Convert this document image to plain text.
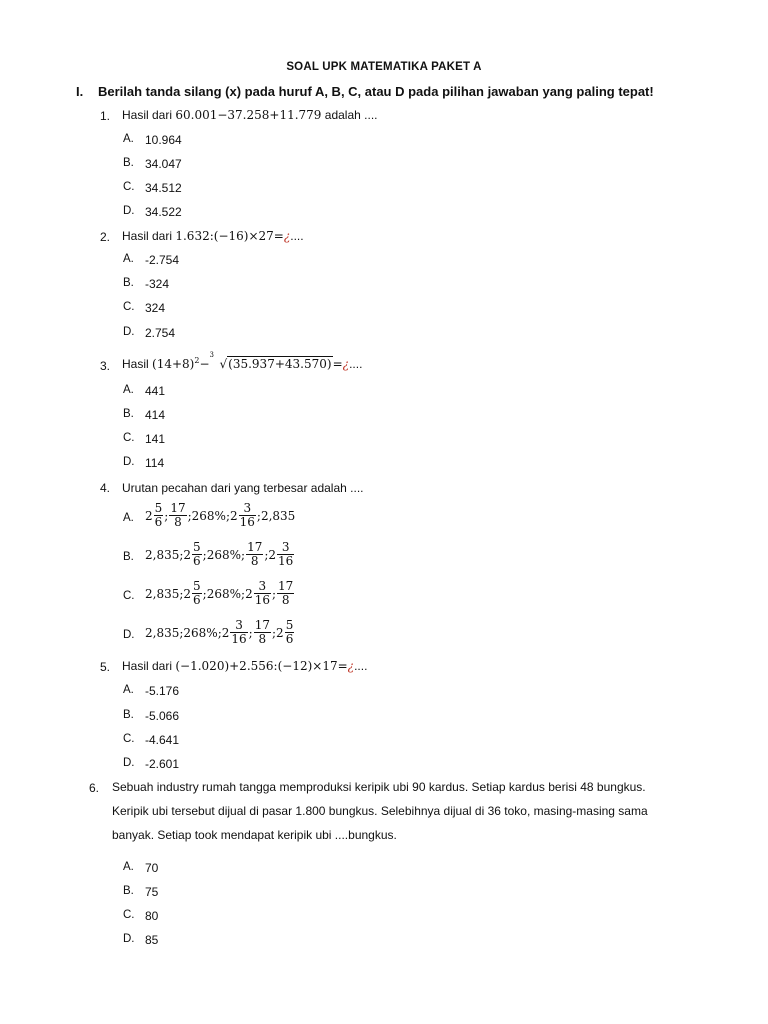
SOAL UPK MATEMATIKA PAKET A
I. Berilah tanda silang (x) pada huruf A, B, C, atau D pada pilihan jawaban yang paling tepat!
1. Hasil dari 60.001−37.258+11.779 adalah ....
A. 10.964
B. 34.047
C. 34.512
D. 34.522
2. Hasil dari 1.632:(−16)×27=¿....
A. -2.754
B. -324
C. 324
D. 2.754
3. Hasil $(14+8)^2-$
3
√(35.937+43.570)=¿....
A. 441
B. 414
C. 141
D. 114
4. Urutan pecahan dari yang terbesar adalah ....
A. $2 \frac{5}{6}$ ; $\frac{17}{8}$ ;268%;2 $\frac{3}{16}$ ;2,835
B. 2,835;2 $\frac{5}{6}$ ;268%; $\frac{17}{8}$ ;2 $\frac{3}{16}$
C. 2,835;2 $\frac{5}{6}$ ;268%;2 $\frac{3}{16}$ ; $\frac{17}{8}$
D. 2,835;268%;2 $\frac{3}{16}$ ; $\frac{17}{8}$ ;2 $\frac{5}{6}$
5. Hasil dari (−1.020)+2.556:(−12)×17=¿....
A. -5.176
B. -5.066
C. -4.641
D. -2.601
6. Sebuah industry rumah tangga memproduksi keripik ubi 90 kardus. Setiap kardus berisi 48 bungkus. Keripik ubi tersebut dijual di pasar 1.800 bungkus. Selebihnya dijual di 36 toko, masing-masing sama banyak. Setiap took mendapat keripik ubi ....bungkus.
A. 70
B. 75
C. 80
D. 85
